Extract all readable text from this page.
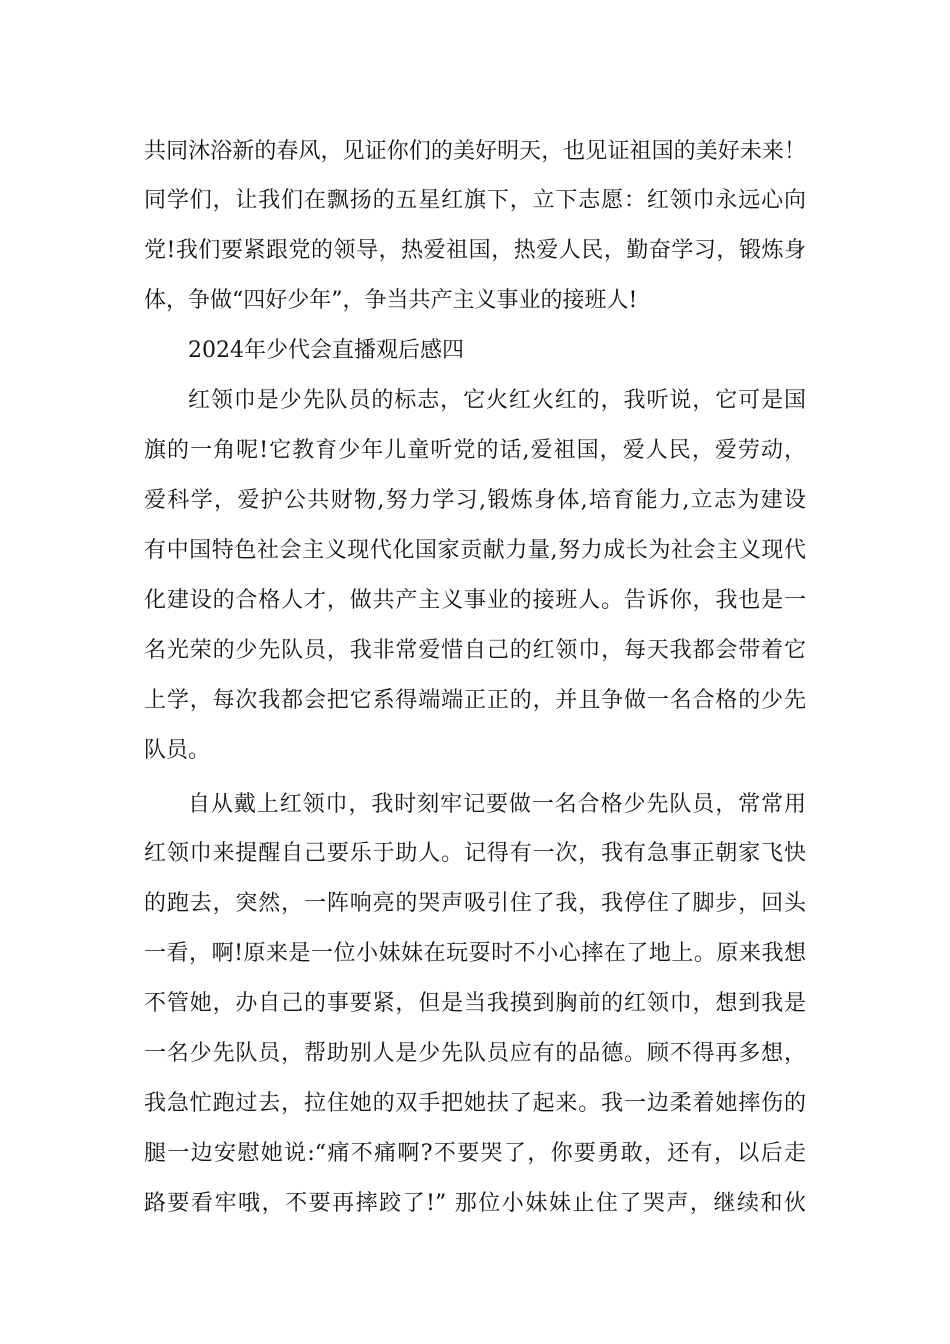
共同沐浴新的春风，见证你们的美好明天，也见证祖国的美好未来！
同学们，让我们在飘扬的五星红旗下，立下志愿：红领巾永远心向
党!我们要紧跟党的领导，热爱祖国，热爱人民，勤奋学习，锻炼身
体，争做“四好少年”，争当共产主义事业的接班人!
2024年少代会直播观后感四
红领巾是少先队员的标志，它火红火红的，我听说，它可是国
旗的一角呢!它教育少年儿童听党的话,爱祖国，爱人民，爱劳动，
爱科学，爱护公共财物,努力学习,锻炼身体,培育能力,立志为建设
有中国特色社会主义现代化国家贡献力量,努力成长为社会主义现代
化建设的合格人才，做共产主义事业的接班人。告诉你，我也是一
名光荣的少先队员，我非常爱惜自己的红领巾，每天我都会带着它
上学，每次我都会把它系得端端正正的，并且争做一名合格的少先
队员。
自从戴上红领巾，我时刻牢记要做一名合格少先队员，常常用
红领巾来提醒自己要乐于助人。记得有一次，我有急事正朝家飞快
的跑去，突然，一阵响亮的哭声吸引住了我，我停住了脚步，回头
一看，啊!原来是一位小妹妹在玩耍时不小心摔在了地上。原来我想
不管她，办自己的事要紧，但是当我摸到胸前的红领巾，想到我是
一名少先队员，帮助别人是少先队员应有的品德。顾不得再多想，
我急忙跑过去，拉住她的双手把她扶了起来。我一边柔着她摔伤的
腿一边安慰她说:“痛不痛啊?不要哭了，你要勇敢，还有，以后走
路要看牢哦，不要再摔跤了!” 那位小妹妹止住了哭声，继续和伙
